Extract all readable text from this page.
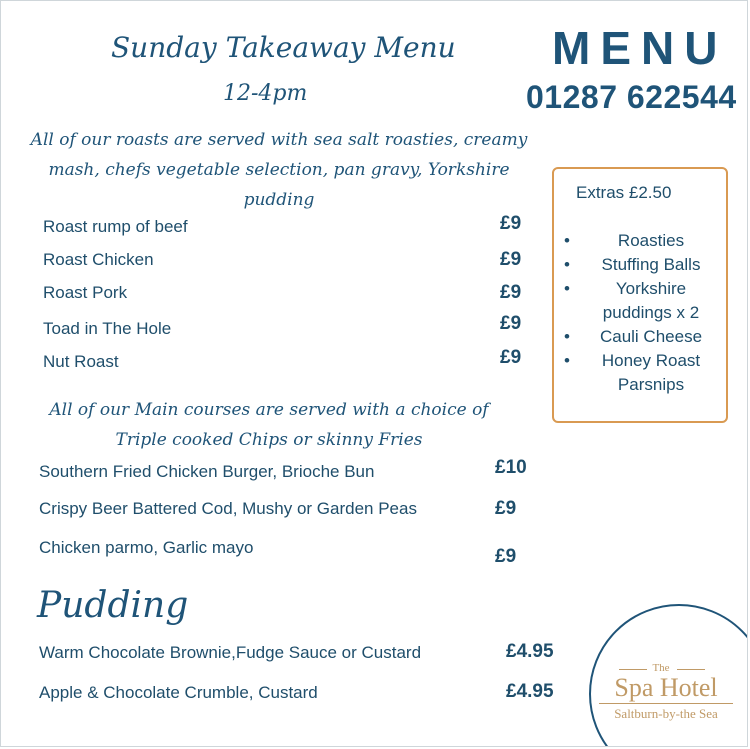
Sunday Takeaway Menu
12-4pm
MENU
01287 622544
All of our roasts are served with sea salt roasties, creamy mash, chefs vegetable selection, pan gravy, Yorkshire pudding
Roast rump of beef	£9
Roast Chicken	£9
Roast Pork	£9
Toad in The Hole	£9
Nut Roast	£9
All of our Main courses are served with a choice of Triple cooked Chips or skinny Fries
Southern Fried Chicken Burger, Brioche Bun	£10
Crispy Beer Battered Cod, Mushy or Garden Peas	£9
Chicken parmo, Garlic mayo	£9
Pudding
Warm Chocolate Brownie,Fudge Sauce or Custard	£4.95
Apple & Chocolate Crumble, Custard	£4.95
Extras £2.50
•	Roasties
• Stuffing Balls
•	Yorkshire puddings x 2
• Cauli Cheese
• Honey Roast Parsnips
The
Spa Hotel
Saltburn-by-the Sea
